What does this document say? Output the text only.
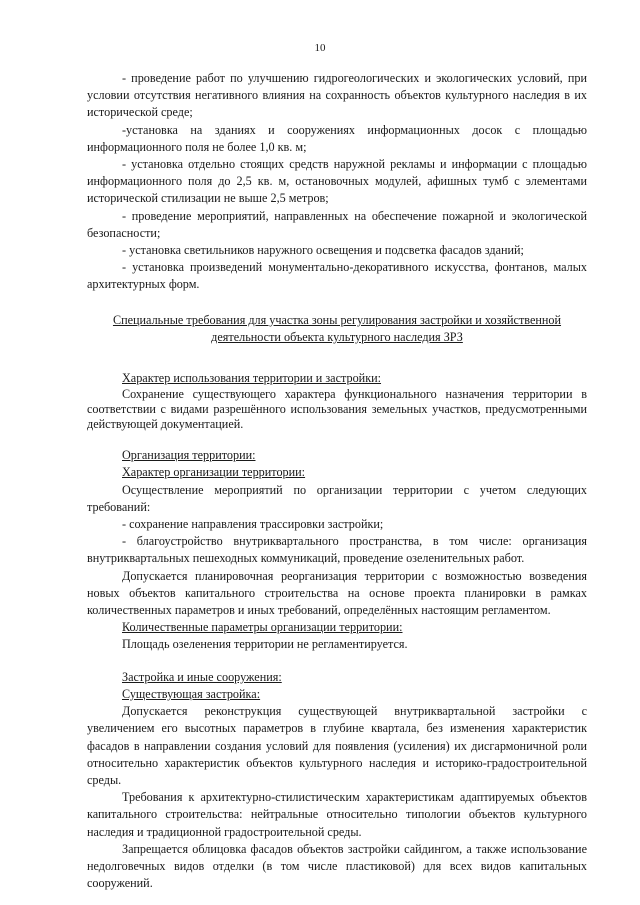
10

- проведение работ по улучшению гидрогеологических и экологических условий, при условии отсутствия негативного влияния на сохранность объектов культурного наследия в их исторической среде;

-установка на зданиях и сооружениях информационных досок с площадью информационного поля не более 1,0 кв. м;

- установка отдельно стоящих средств наружной рекламы и информации с площадью информационного поля до 2,5 кв. м, остановочных модулей, афишных тумб с элементами исторической стилизации не выше 2,5 метров;

- проведение мероприятий, направленных на обеспечение пожарной и экологической безопасности;

- установка светильников наружного освещения и подсветка фасадов зданий;

- установка произведений монументально-декоративного искусства, фонтанов, малых архитектурных форм.

Специальные требования для участка зоны регулирования застройки и хозяйственной деятельности объекта культурного наследия ЗРЗ

Характер использования территории и застройки:

Сохранение существующего характера функционального назначения территории в соответствии с видами разрешённого использования земельных участков, предусмотренными действующей документацией.

Организация территории:

Характер организации территории:

Осуществление мероприятий по организации территории с учетом следующих требований:

- сохранение направления трассировки застройки;

- благоустройство внутриквартального пространства, в том числе: организация внутриквартальных пешеходных коммуникаций, проведение озеленительных работ.

Допускается планировочная реорганизация территории с возможностью возведения новых объектов капитального строительства на основе проекта планировки в рамках количественных параметров и иных требований, определённых настоящим регламентом.

Количественные параметры организации территории:

Площадь озеленения территории не регламентируется.

Застройка и иные сооружения:

Существующая застройка:

Допускается реконструкция существующей внутриквартальной застройки с увеличением его высотных параметров в глубине квартала, без изменения характеристик фасадов в направлении создания условий для появления (усиления) их дисгармоничной роли относительно характеристик объектов культурного наследия и историко-градостроительной среды.

Требования к архитектурно-стилистическим характеристикам адаптируемых объектов капитального строительства: нейтральные относительно типологии объектов культурного наследия и традиционной градостроительной среды.

Запрещается облицовка фасадов объектов застройки сайдингом, а также использование недолговечных видов отделки (в том числе пластиковой) для всех видов капитальных сооружений.
